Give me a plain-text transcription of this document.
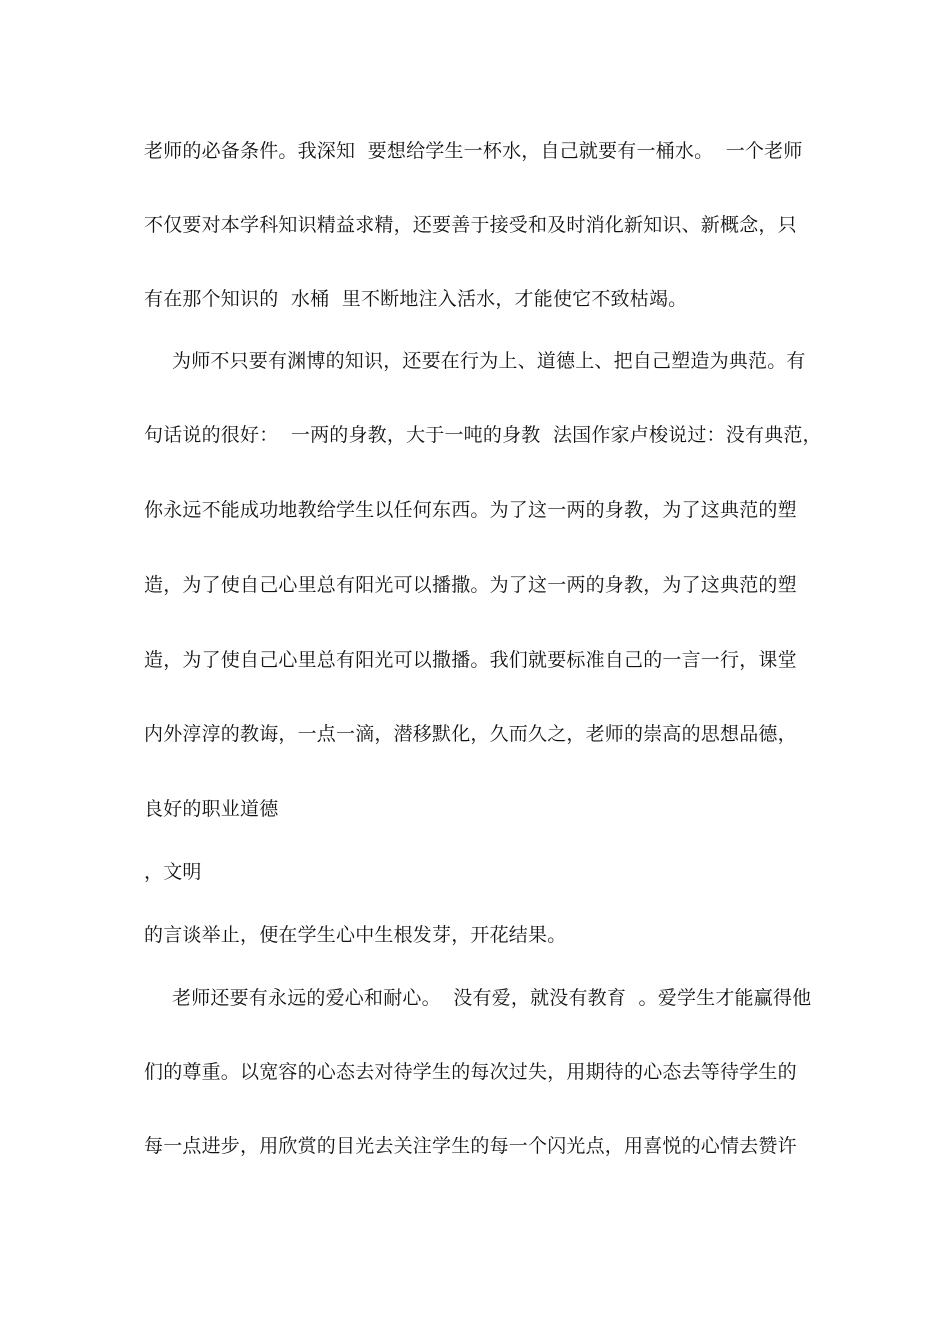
老师的必备条件。我深知  要想给学生一杯水，自己就要有一桶水。  一个老师
不仅要对本学科知识精益求精，还要善于接受和及时消化新知识、新概念，只
有在那个知识的  水桶  里不断地注入活水，才能使它不致枯竭。
为师不只要有渊博的知识，还要在行为上、道德上、把自己塑造为典范。有
句话说的很好：  一两的身教，大于一吨的身教  法国作家卢梭说过：没有典范，
你永远不能成功地教给学生以任何东西。为了这一两的身教，为了这典范的塑
造，为了使自己心里总有阳光可以播撒。为了这一两的身教，为了这典范的塑
造，为了使自己心里总有阳光可以撒播。我们就要标准自己的一言一行，课堂
内外淳淳的教诲，一点一滴，潜移默化，久而久之，老师的崇高的思想品德，
良好的职业道德
，文明
的言谈举止，便在学生心中生根发芽，开花结果。
老师还要有永远的爱心和耐心。  没有爱，就没有教育  。爱学生才能赢得他
们的尊重。以宽容的心态去对待学生的每次过失，用期待的心态去等待学生的
每一点进步，用欣赏的目光去关注学生的每一个闪光点，用喜悦的心情去赞许
